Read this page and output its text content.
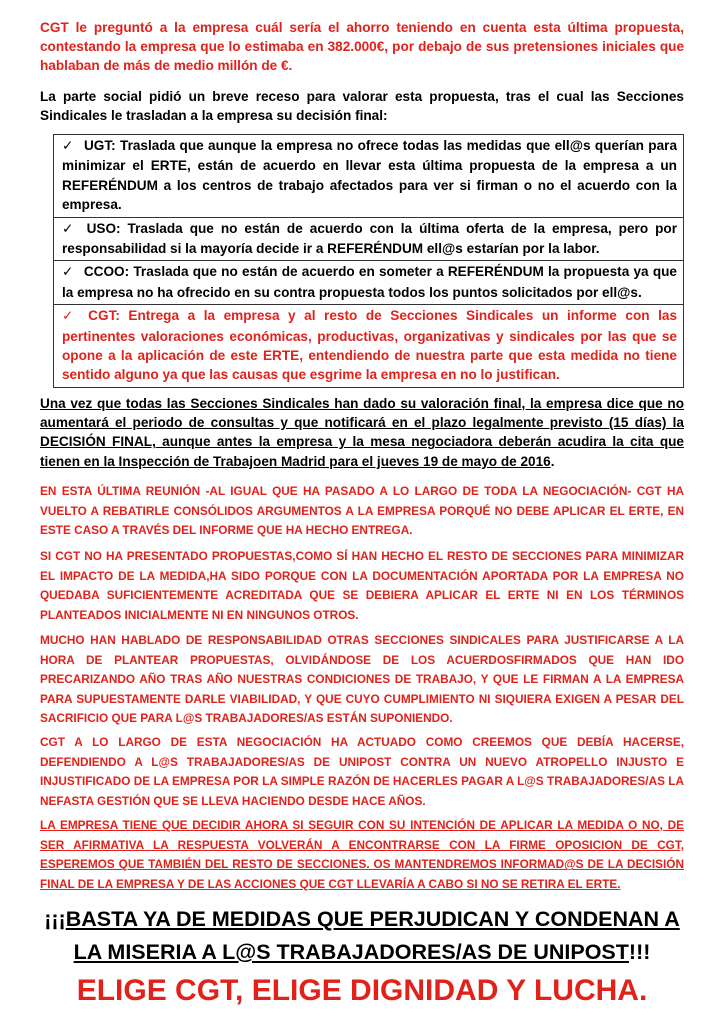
CGT le preguntó a la empresa cuál sería el ahorro teniendo en cuenta esta última propuesta, contestando la empresa que lo estimaba en 382.000€, por debajo de sus pretensiones iniciales que hablaban de más de medio millón de €.

La parte social pidió un breve receso para valorar esta propuesta, tras el cual las Secciones Sindicales le trasladan a la empresa su decisión final:

✓ UGT: Traslada que aunque la empresa no ofrece todas las medidas que ell@s querían para minimizar el ERTE, están de acuerdo en llevar esta última propuesta de la empresa a un REFERÉNDUM a los centros de trabajo afectados para ver si firman o no el acuerdo con la empresa.
✓ USO: Traslada que no están de acuerdo con la última oferta de la empresa, pero por responsabilidad si la mayoría decide ir a REFERÉNDUM ell@s estarían por la labor.
✓ CCOO: Traslada que no están de acuerdo en someter a REFERÉNDUM la propuesta ya que la empresa no ha ofrecido en su contra propuesta todos los puntos solicitados por ell@s.
✓ CGT: Entrega a la empresa y al resto de Secciones Sindicales un informe con las pertinentes valoraciones económicas, productivas, organizativas y sindicales por las que se opone a la aplicación de este ERTE, entendiendo de nuestra parte que esta medida no tiene sentido alguno ya que las causas que esgrime la empresa en no lo justifican.

Una vez que todas las Secciones Sindicales han dado su valoración final, la empresa dice que no aumentará el periodo de consultas y que notificará en el plazo legalmente previsto (15 días) la DECISIÓN FINAL, aunque antes la empresa y la mesa negociadora deberán acudira la cita que tienen en la Inspección de Trabajoen Madrid para el jueves 19 de mayo de 2016.

EN ESTA ÚLTIMA REUNIÓN -AL IGUAL QUE HA PASADO A LO LARGO DE TODA LA NEGOCIACIÓN- CGT HA VUELTO A REBATIRLE CONSÓLIDOS ARGUMENTOS A LA EMPRESA PORQUÉ NO DEBE APLICAR EL ERTE, EN ESTE CASO A TRAVÉS DEL INFORME QUE HA HECHO ENTREGA.

SI CGT NO HA PRESENTADO PROPUESTAS,COMO SÍ HAN HECHO EL RESTO DE SECCIONES PARA MINIMIZAR EL IMPACTO DE LA MEDIDA,HA SIDO PORQUE CON LA DOCUMENTACIÓN APORTADA POR LA EMPRESA NO QUEDABA SUFICIENTEMENTE ACREDITADA QUE SE DEBIERA APLICAR EL ERTE NI EN LOS TÉRMINOS PLANTEADOS INICIALMENTE NI EN NINGUNOS OTROS.

MUCHO HAN HABLADO DE RESPONSABILIDAD OTRAS SECCIONES SINDICALES PARA JUSTIFICARSE A LA HORA DE PLANTEAR PROPUESTAS, OLVIDÁNDOSE DE LOS ACUERDOSFIRMADOS QUE HAN IDO PRECARIZANDO AÑO TRAS AÑO NUESTRAS CONDICIONES DE TRABAJO, Y QUE LE FIRMAN A LA EMPRESA PARA SUPUESTAMENTE DARLE VIABILIDAD, Y QUE CUYO CUMPLIMIENTO NI SIQUIERA EXIGEN A PESAR DEL SACRIFICIO QUE PARA L@S TRABAJADORES/AS ESTÁN SUPONIENDO.

CGT A LO LARGO DE ESTA NEGOCIACIÓN HA ACTUADO COMO CREEMOS QUE DEBÍA HACERSE, DEFENDIENDO A L@S TRABAJADORES/AS DE UNIPOST CONTRA UN NUEVO ATROPELLO INJUSTO E INJUSTIFICADO DE LA EMPRESA POR LA SIMPLE RAZÓN DE HACERLES PAGAR A L@S TRABAJADORES/AS LA NEFASTA GESTIÓN QUE SE LLEVA HACIENDO DESDE HACE AÑOS.

LA EMPRESA TIENE QUE DECIDIR AHORA SI SEGUIR CON SU INTENCIÓN DE APLICAR LA MEDIDA O NO, DE SER AFIRMATIVA LA RESPUESTA VOLVERÁN A ENCONTRARSE CON LA FIRME OPOSICION DE CGT, ESPEREMOS QUE TAMBIÉN DEL RESTO DE SECCIONES. OS MANTENDREMOS INFORMAD@S DE LA DECISIÓN FINAL DE LA EMPRESA Y DE LAS ACCIONES QUE CGT LLEVARÍA A CABO SI NO SE RETIRA EL ERTE.

¡¡¡BASTA YA DE MEDIDAS QUE PERJUDICAN Y CONDENAN A

LA MISERIA A L@S TRABAJADORES/AS DE UNIPOST!!!

ELIGE CGT, ELIGE DIGNIDAD Y LUCHA.
